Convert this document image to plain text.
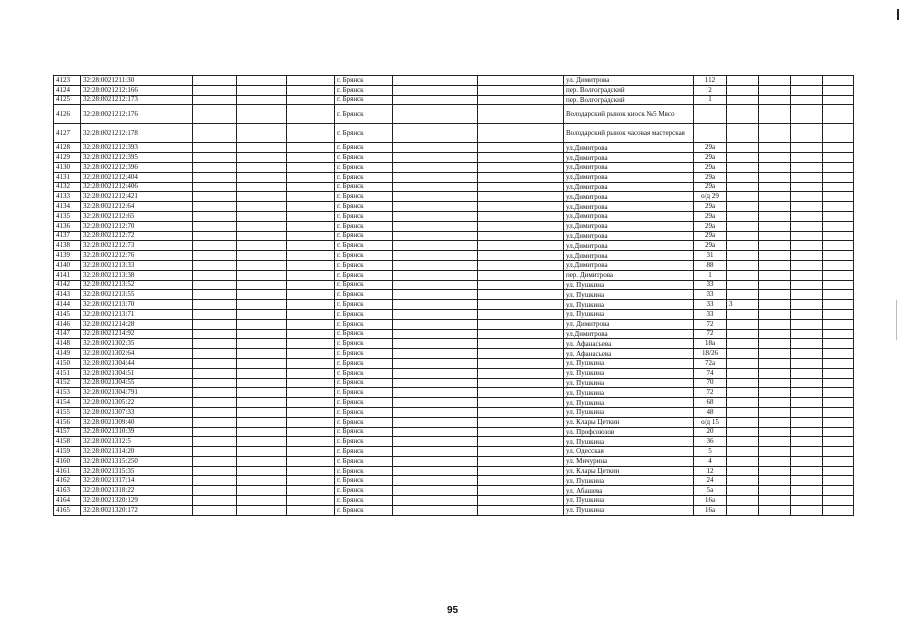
4123	32:28:0021211:30				г. Брянск			ул. Димитрова	112				
4124	32:28:0021212:166				г. Брянск			пер. Волгоградский	2				
4125	32:28:0021212:173				г. Брянск			пер. Волгоградский	1				
4126	32:28:0021212:176				г. Брянск			Володарский рынок киоск №5 Мясо					
4127	32:28:0021212:178				г. Брянск			Володарский рынок часовая мастерская					
4128	32:28:0021212:393				г. Брянск			ул.Димитрова	29а				
4129	32:28:0021212:395				г. Брянск			ул.Димитрова	29а				
4130	32:28:0021212:396				г. Брянск			ул.Димитрова	29а				
4131	32:28:0021212:404				г. Брянск			ул.Димитрова	29а				
4132	32:28:0021212:406				г. Брянск			ул.Димитрова	29а				
4133	32:28:0021212:421				г. Брянск			ул.Димитрова	о/д 29				
4134	32:28:0021212:64				г. Брянск			ул.Димитрова	29а				
4135	32:28:0021212:65				г. Брянск			ул.Димитрова	29а				
4136	32:28:0021212:70				г. Брянск			ул.Димитрова	29а				
4137	32:28:0021212:72				г. Брянск			ул.Димитрова	29а				
4138	32:28:0021212:73				г. Брянск			ул.Димитрова	29а				
4139	32:28:0021212:76				г. Брянск			ул.Димитрова	31				
4140	32:28:0021213:33				г. Брянск			ул.Димитрова	88				
4141	32:28:0021213:38				г. Брянск			пер. Димитрова	1				
4142	32:28:0021213:52				г. Брянск			ул. Пушкина	33				
4143	32:28:0021213:55				г. Брянск			ул. Пушкина	33				
4144	32:28:0021213:70				г. Брянск			ул. Пушкина	33	3			
4145	32:28:0021213:71				г. Брянск			ул. Пушкина	33				
4146	32:28:0021214:28				г. Брянск			ул. Димитрова	72				
4147	32:28:0021214:92				г. Брянск			ул.Димитрова	72				
4148	32:28:0021302:35				г. Брянск			ул. Афанасьева	18а				
4149	32:28:0021302:64				г. Брянск			ул. Афанасьева	18/26				
4150	32:28:0021304:44				г. Брянск			ул. Пушкина	72а				
4151	32:28:0021304:51				г. Брянск			ул. Пушкина	74				
4152	32:28:0021304:55				г. Брянск			ул. Пушкина	70				
4153	32:28:0021304:791				г. Брянск			ул. Пушкина	72				
4154	32:28:0021305:22				г. Брянск			ул. Пушкина	68				
4155	32:28:0021307:33				г. Брянск			ул. Пушкина	48				
4156	32:28:0021309:40				г. Брянск			ул. Клары Цеткин	о/д 15				
4157	32:28:0021310:39				г. Брянск			ул. Профсоюзов	20				
4158	32:28:0021312:5				г. Брянск			ул. Пушкина	36				
4159	32:28:0021314:20				г. Брянск			ул. Одесская	5				
4160	32:28:0021315:250				г. Брянск			ул. Мичурина	4				
4161	32:28:0021315:35				г. Брянск			ул. Клары Цеткин	12				
4162	32:28:0021317:14				г. Брянск			ул. Пушкина	24				
4163	32:28:0021318:22				г. Брянск			ул. Абашева	5а				
4164	32:28:0021320:129				г. Брянск			ул. Пушкина	16а				
4165	32:28:0021320:172				г. Брянск			ул. Пушкина	16а				
95
